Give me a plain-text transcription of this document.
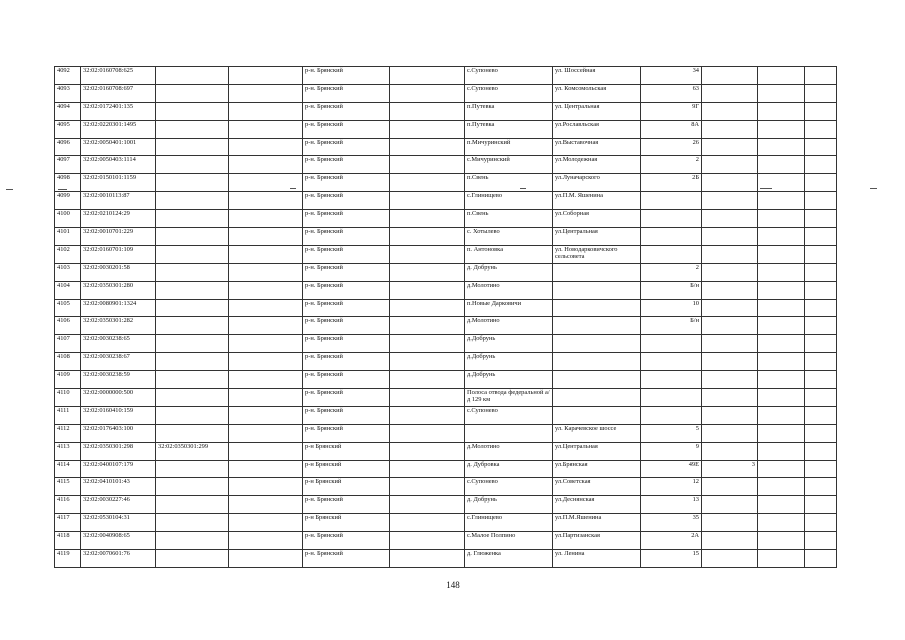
4092	32:02:0160708:625			р-н. Брянский		с.Супонево	ул. Шоссейная	34			
4093	32:02:0160708:697			р-н. Брянский		с.Супонево	ул. Комсомольская	63			
4094	32:02:0172401:135			р-н. Брянский		п.Путевка	ул. Центральная	9Г			
4095	32:02:0220301:1495			р-н. Брянский		п.Путевка	ул.Рославльская	8А			
4096	32:02:0050401:1001			р-н. Брянский		п.Мичуринский	ул.Выставочная	26			
4097	32:02:0050403:1114			р-н. Брянский		с.Мичуринский	ул.Молодежная	2			
4098	32:02:0150101:1159			р-н. Брянский		п.Свень	ул.Луначарского	2Б			
4099	32:02:0010113:87			р-н. Брянский		с.Глинищево	ул.П.М. Яшенина				
4100	32:02:0210124:29			р-н. Брянский		п.Свень	ул.Соборная				
4101	32:02:0010701:229			р-н. Брянский		с. Хотылево	ул.Центральная				
4102	32:02:0160701:109			р-н. Брянский		п. Антоновка	ул. Новодарковичского сельсовета				
4103	32:02:0030201:58			р-н. Брянский		д. Добрунь		2			
4104	32:02:0350301:280			р-н. Брянский		д.Молотино		Б/н			
4105	32:02:0080901:1324			р-н. Брянский		п.Новые Дарковичи		10			
4106	32:02:0350301:282			р-н. Брянский		д.Молотино		Б/н			
4107	32:02:0030238:65			р-н. Брянский		д.Добрунь					
4108	32:02:0030238:67			р-н. Брянский		д.Добрунь					
4109	32:02:0030238:59			р-н. Брянский		д.Добрунь					
4110	32:02:0000000:500			р-н. Брянский		Полоса отвода федеральной а/д 129 км					
4111	32:02:0160410:159			р-н. Брянский		с.Супонево					
4112	32:02:0176403:100			р-н. Брянский			ул. Карачевское шоссе	5			
4113	32:02:0350301:298	32:02:0350301:299		р-н Брянский		д.Молотино	ул.Центральная	9			
4114	32:02:0400107:179			р-н Брянский		д. Дубровка	ул.Брянская	49Е	3		
4115	32:02:0410101:43			р-н Брянский		с.Супонево	ул.Советская	12			
4116	32:02:0030227:46			р-н. Брянский		д. Добрунь	ул.Деснянская	13			
4117	32:02:0530104:31			р-н Брянский		с.Глинищево	ул.П.М.Яшенина	35			
4118	32:02:0040908:65			р-н. Брянский		с.Малое Полпино	ул.Партизанская	2А			
4119	32:02:0070601:76			р-н. Брянский		д. Глюженка	ул. Ленина	15			
148
